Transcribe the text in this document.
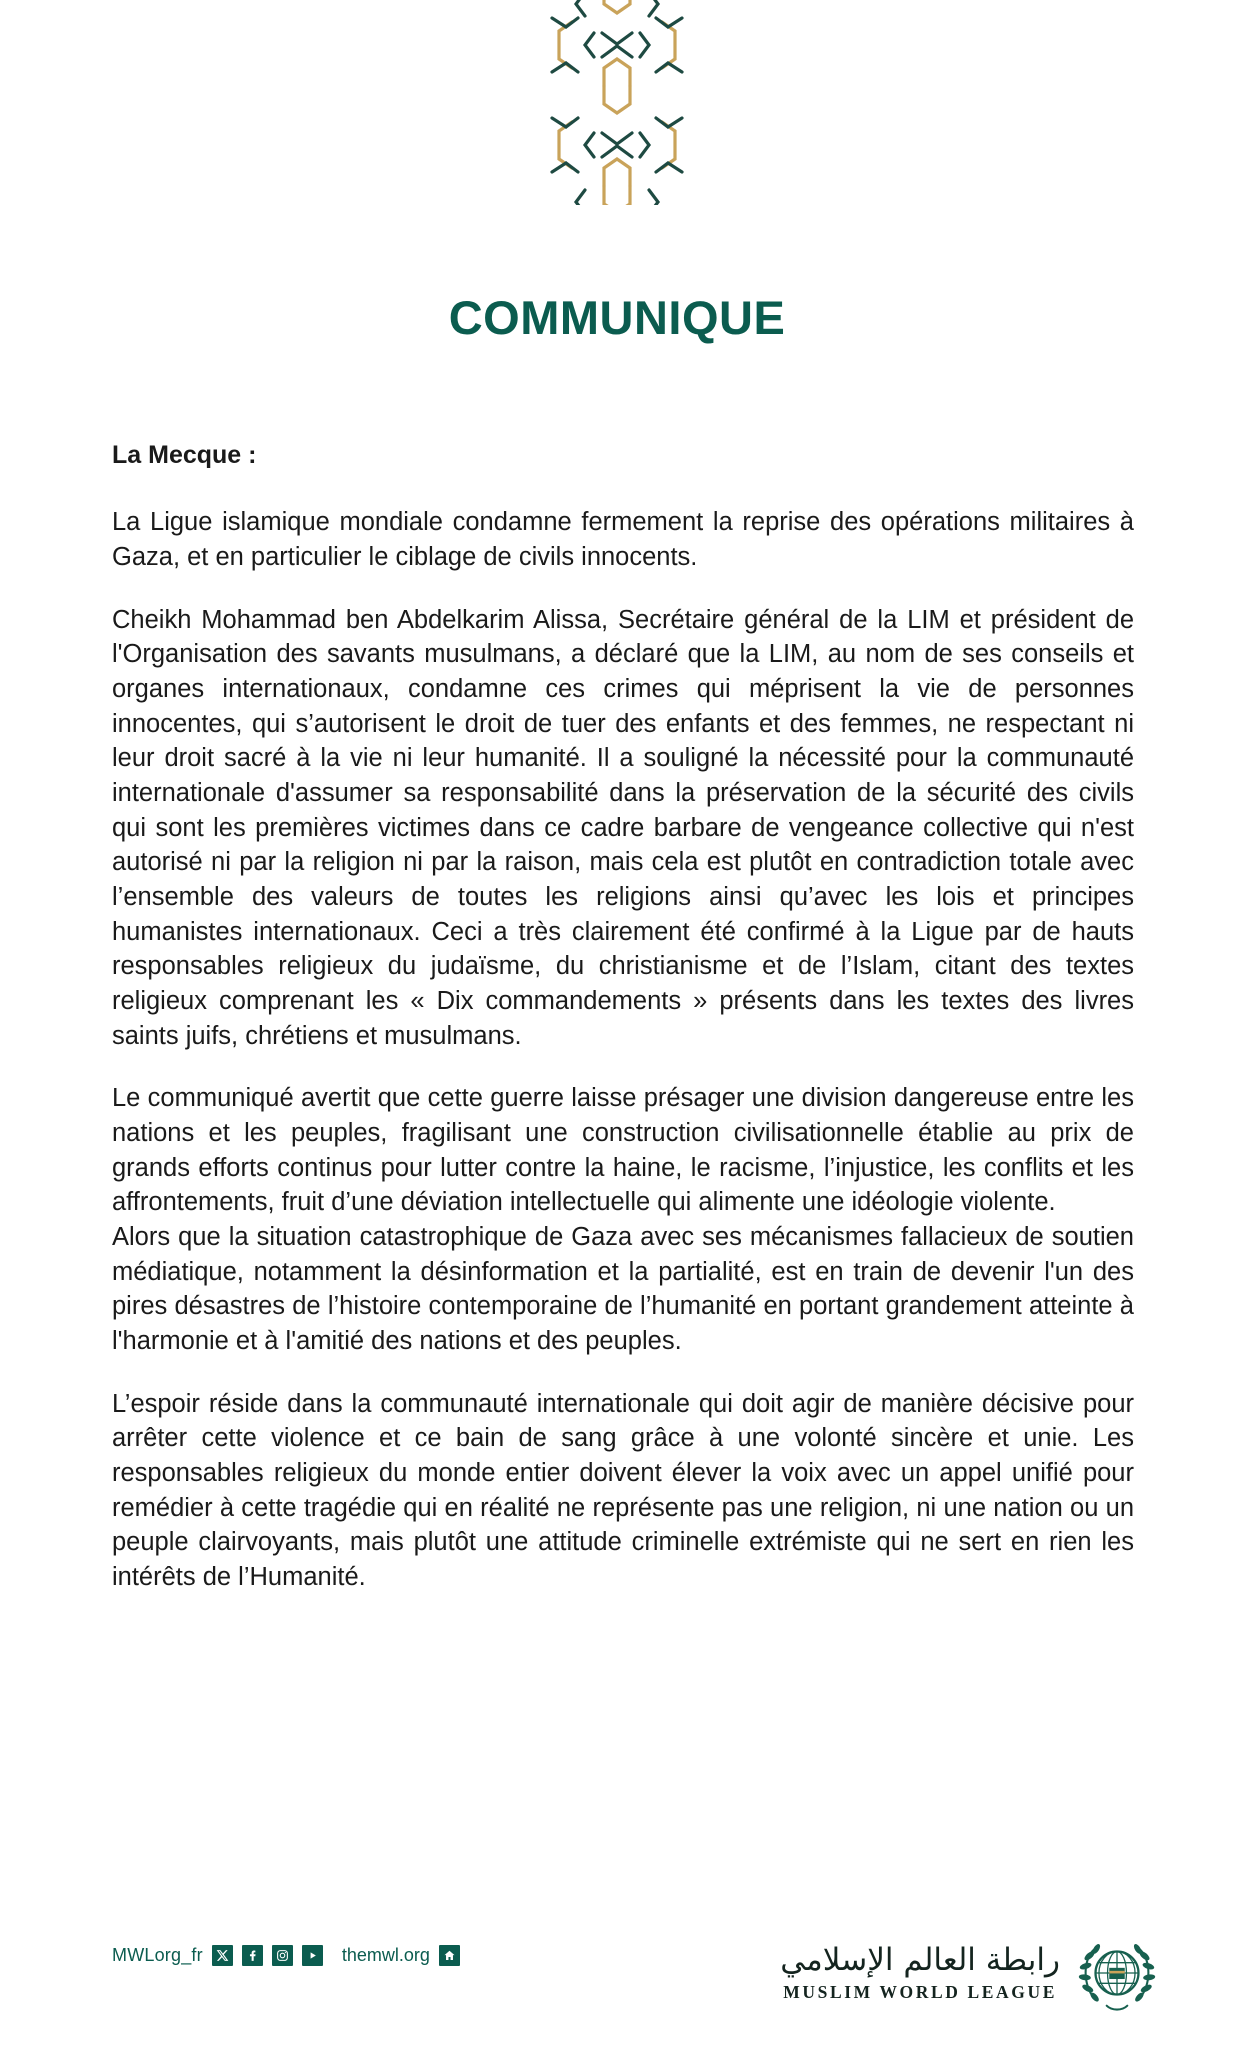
COMMUNIQUE
La Mecque :

La Ligue islamique mondiale condamne fermement la reprise des opérations militaires à Gaza, et en particulier le ciblage de civils innocents.

Cheikh Mohammad ben Abdelkarim Alissa, Secrétaire général de la LIM et président de l'Organisation des savants musulmans, a déclaré que la LIM, au nom de ses conseils et organes internationaux, condamne ces crimes qui méprisent la vie de personnes innocentes, qui s’autorisent le droit de tuer des enfants et des femmes, ne respectant ni leur droit sacré à la vie ni leur humanité. Il a souligné la nécessité pour la communauté internationale d'assumer sa responsabilité dans la préservation de la sécurité des civils qui sont les premières victimes dans ce cadre barbare de vengeance collective qui n'est autorisé ni par la religion ni par la raison, mais cela est plutôt en contradiction totale avec l’ensemble des valeurs de toutes les religions ainsi qu’avec les lois et principes humanistes internationaux. Ceci a très clairement été confirmé à la Ligue par de hauts responsables religieux du judaïsme, du christianisme et de l’Islam, citant des textes religieux comprenant les « Dix commandements » présents dans les textes des livres saints juifs, chrétiens et musulmans.

Le communiqué avertit que cette guerre laisse présager une division dangereuse entre les nations et les peuples, fragilisant une construction civilisationnelle établie au prix de grands efforts continus pour lutter contre la haine, le racisme, l’injustice, les conflits et les affrontements, fruit d’une déviation intellectuelle qui alimente une idéologie violente.

Alors que la situation catastrophique de Gaza avec ses mécanismes fallacieux de soutien médiatique, notamment la désinformation et la partialité, est en train de devenir l'un des pires désastres de l’histoire contemporaine de l’humanité en portant grandement atteinte à l'harmonie et à l'amitié des nations et des peuples.

L’espoir réside dans la communauté internationale qui doit agir de manière décisive pour arrêter cette violence et ce bain de sang grâce à une volonté sincère et unie. Les responsables religieux du monde entier doivent élever la voix avec un appel unifié pour remédier à cette tragédie qui en réalité ne représente pas une religion, ni une nation ou un peuple clairvoyants, mais plutôt une attitude criminelle extrémiste qui ne sert en rien les intérêts de l’Humanité.

MWLorg_fr	themwl.org	رابطة العالم الإسلامي
MUSLIM WORLD LEAGUE
